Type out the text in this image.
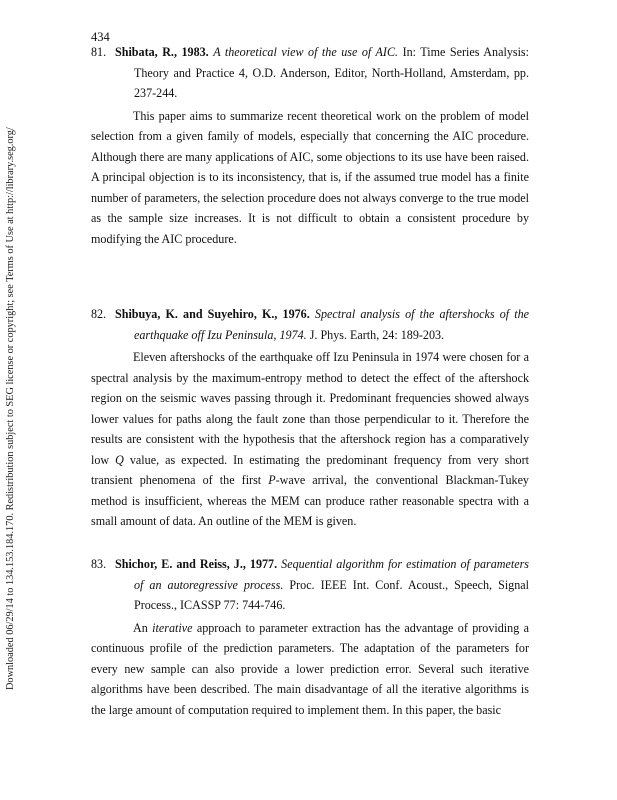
434
Downloaded 06/29/14 to 134.153.184.170. Redistribution subject to SEG license or copyright; see Terms of Use at http://library.seg.org/

81. Shibata, R., 1983. A theoretical view of the use of AIC. In: Time Series Analysis: Theory and Practice 4, O.D. Anderson, Editor, North-Holland, Amsterdam, pp. 237-244.

This paper aims to summarize recent theoretical work on the problem of model selection from a given family of models, especially that concerning the AIC procedure. Although there are many applications of AIC, some objections to its use have been raised. A principal objection is to its inconsistency, that is, if the assumed true model has a finite number of parameters, the selection procedure does not always converge to the true model as the sample size increases. It is not difficult to obtain a consistent procedure by modifying the AIC procedure.

82. Shibuya, K. and Suyehiro, K., 1976. Spectral analysis of the aftershocks of the earthquake off Izu Peninsula, 1974. J. Phys. Earth, 24: 189-203.

Eleven aftershocks of the earthquake off Izu Peninsula in 1974 were chosen for a spectral analysis by the maximum-entropy method to detect the effect of the aftershock region on the seismic waves passing through it. Predominant frequencies showed always lower values for paths along the fault zone than those perpendicular to it. Therefore the results are consistent with the hypothesis that the aftershock region has a comparatively low Q value, as expected. In estimating the predominant frequency from very short transient phenomena of the first P-wave arrival, the conventional Blackman-Tukey method is insufficient, whereas the MEM can produce rather reasonable spectra with a small amount of data. An outline of the MEM is given.

83. Shichor, E. and Reiss, J., 1977. Sequential algorithm for estimation of parameters of an autoregressive process. Proc. IEEE Int. Conf. Acoust., Speech, Signal Process., ICASSP 77: 744-746.

An iterative approach to parameter extraction has the advantage of providing a continuous profile of the prediction parameters. The adaptation of the parameters for every new sample can also provide a lower prediction error. Several such iterative algorithms have been described. The main disadvantage of all the iterative algorithms is the large amount of computation required to implement them. In this paper, the basic
